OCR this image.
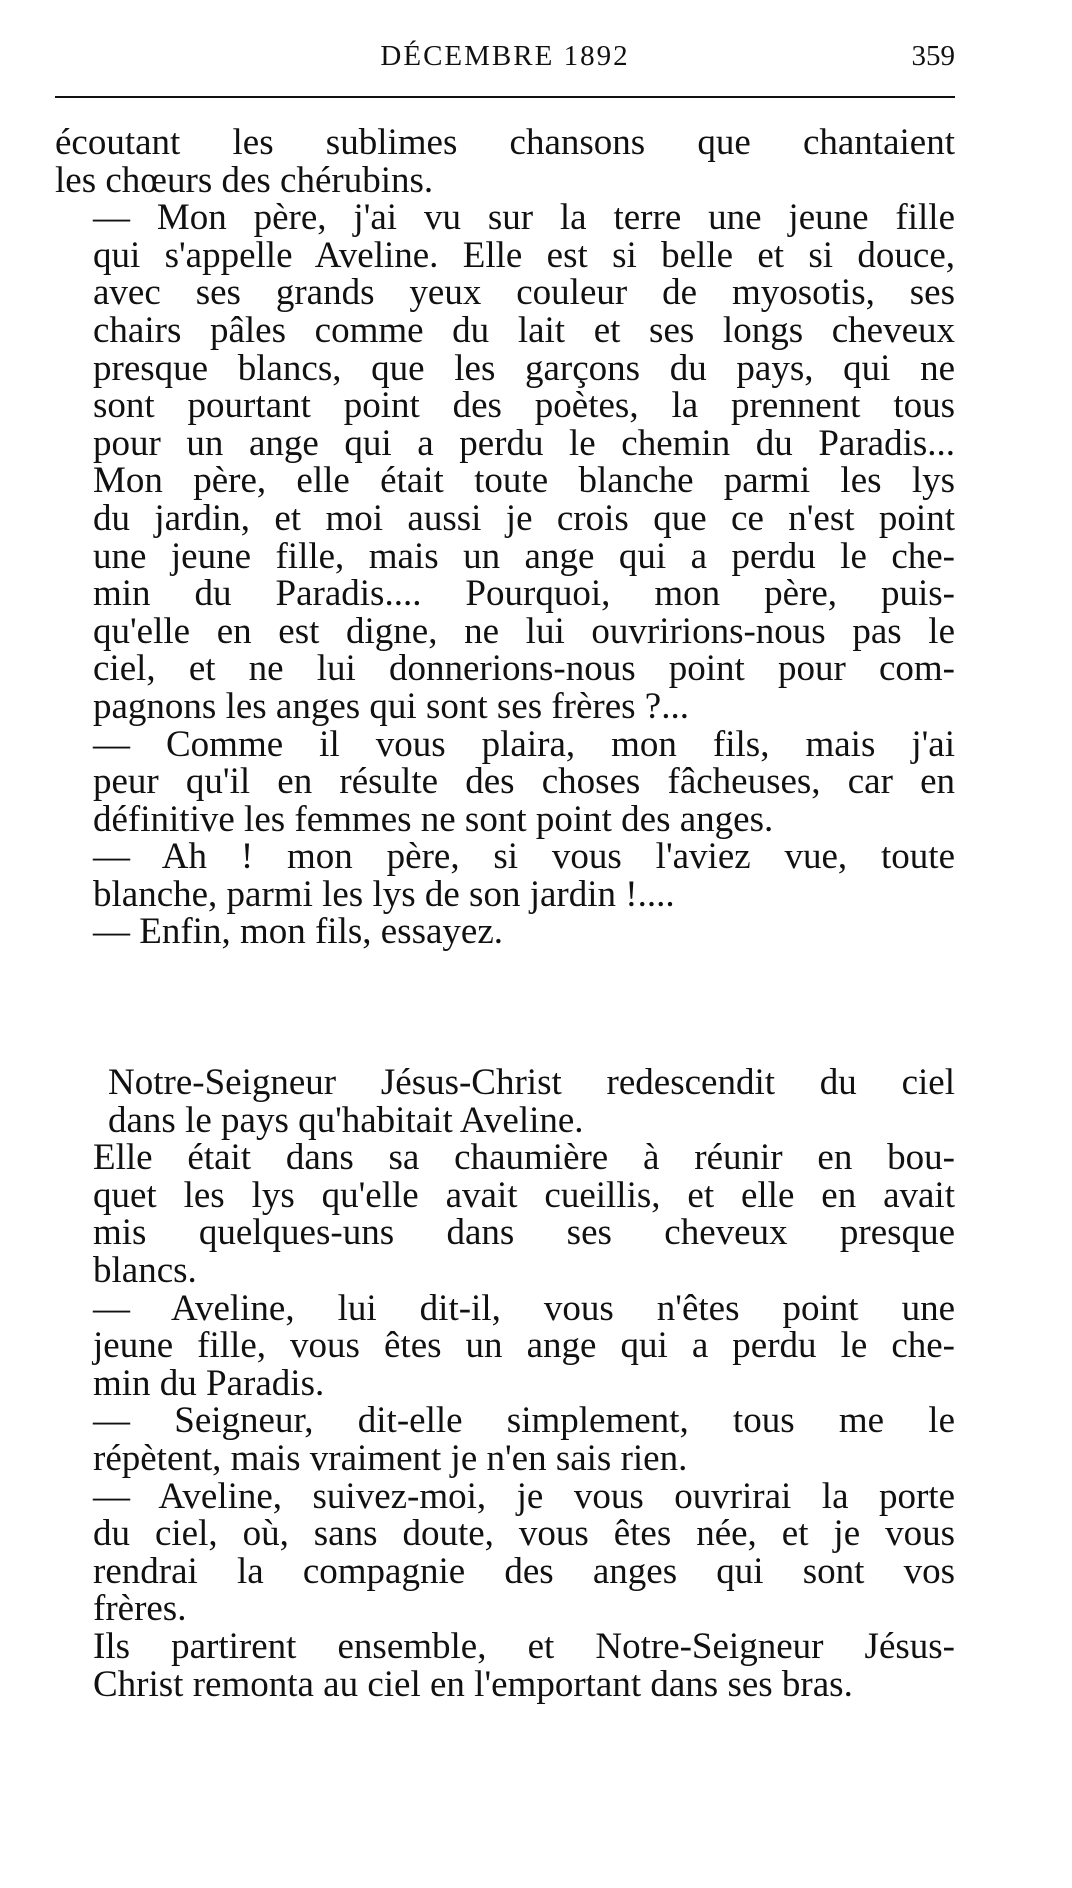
DÉCEMBRE 1892	359

écoutant les sublimes chansons que chantaient
les chœurs des chérubins.

— Mon père, j'ai vu sur la terre une jeune fille
qui s'appelle Aveline. Elle est si belle et si douce,
avec ses grands yeux couleur de myosotis, ses
chairs pâles comme du lait et ses longs cheveux
presque blancs, que les garçons du pays, qui ne
sont pourtant point des poètes, la prennent tous
pour un ange qui a perdu le chemin du Paradis...
Mon père, elle était toute blanche parmi les lys
du jardin, et moi aussi je crois que ce n'est point
une jeune fille, mais un ange qui a perdu le che-
min du Paradis.... Pourquoi, mon père, puis-
qu'elle en est digne, ne lui ouvririons-nous pas le
ciel, et ne lui donnerions-nous point pour com-
pagnons les anges qui sont ses frères ?...

— Comme il vous plaira, mon fils, mais j'ai
peur qu'il en résulte des choses fâcheuses, car en
définitive les femmes ne sont point des anges.

— Ah ! mon père, si vous l'aviez vue, toute
blanche, parmi les lys de son jardin !....

— Enfin, mon fils, essayez.

Notre-Seigneur Jésus-Christ redescendit du ciel
dans le pays qu'habitait Aveline.

Elle était dans sa chaumière à réunir en bou-
quet les lys qu'elle avait cueillis, et elle en avait
mis quelques-uns dans ses cheveux presque
blancs.

— Aveline, lui dit-il, vous n'êtes point une
jeune fille, vous êtes un ange qui a perdu le che-
min du Paradis.

— Seigneur, dit-elle simplement, tous me le
répètent, mais vraiment je n'en sais rien.

— Aveline, suivez-moi, je vous ouvrirai la porte
du ciel, où, sans doute, vous êtes née, et je vous
rendrai la compagnie des anges qui sont vos
frères.

Ils partirent ensemble, et Notre-Seigneur Jésus-
Christ remonta au ciel en l'emportant dans ses bras.
